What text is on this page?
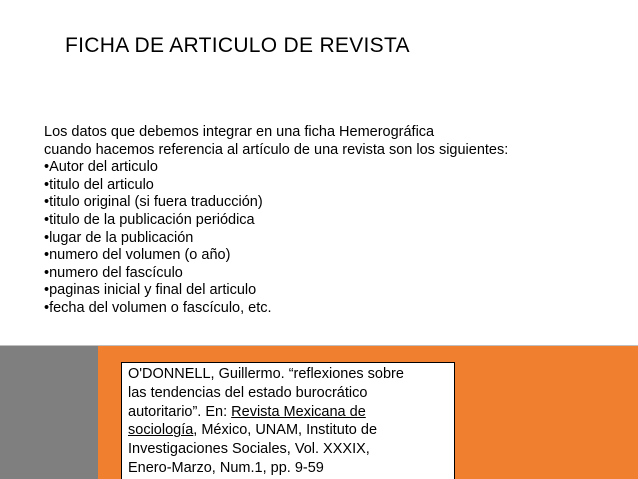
FICHA DE ARTICULO DE REVISTA
Los datos que debemos integrar en una ficha Hemerográfica
cuando hacemos referencia al artículo de una revista son los siguientes:
•Autor del articulo
•titulo del articulo
•titulo original (si fuera traducción)
•titulo de la publicación periódica
•lugar de la publicación
•numero del volumen (o año)
•numero del fascículo
•paginas inicial y final del articulo
•fecha del volumen o fascículo, etc.
O'DONNELL, Guillermo. “reflexiones sobre
las tendencias del estado burocrático
autoritario”. En: Revista Mexicana de
sociología, México, UNAM, Instituto de
Investigaciones Sociales, Vol. XXXIX,
Enero-Marzo, Num.1, pp. 9-59
